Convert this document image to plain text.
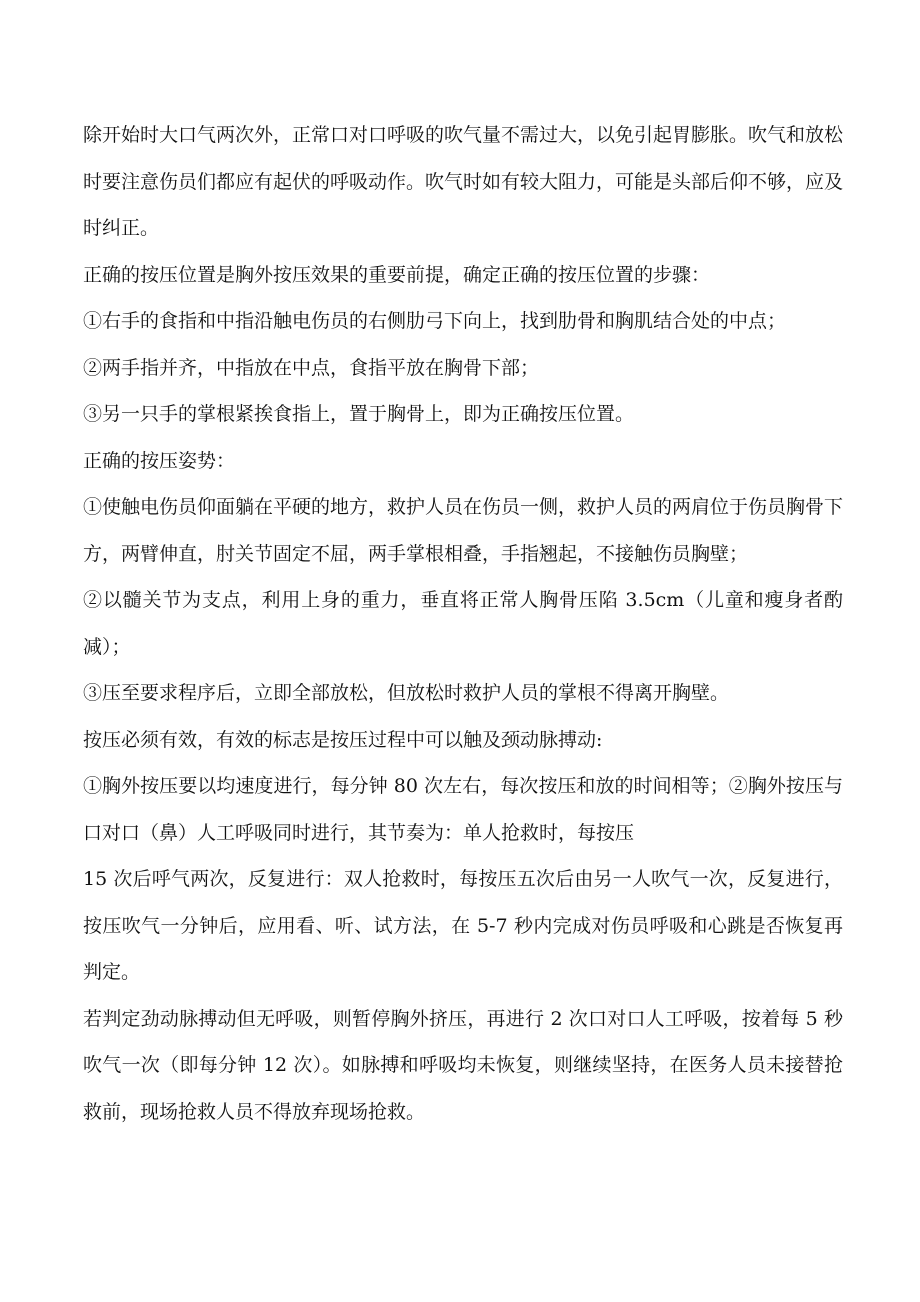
除开始时大口气两次外，正常口对口呼吸的吹气量不需过大，以免引起胃膨胀。吹气和放松时要注意伤员们都应有起伏的呼吸动作。吹气时如有较大阻力，可能是头部后仰不够，应及时纠正。

正确的按压位置是胸外按压效果的重要前提，确定正确的按压位置的步骤：

①右手的食指和中指沿触电伤员的右侧肋弓下向上，找到肋骨和胸肌结合处的中点；

②两手指并齐，中指放在中点，食指平放在胸骨下部；

③另一只手的掌根紧挨食指上，置于胸骨上，即为正确按压位置。

正确的按压姿势：

①使触电伤员仰面躺在平硬的地方，救护人员在伤员一侧，救护人员的两肩位于伤员胸骨下方，两臂伸直，肘关节固定不屈，两手掌根相叠，手指翘起，不接触伤员胸壁；

②以髓关节为支点，利用上身的重力，垂直将正常人胸骨压陷 3.5cm（儿童和瘦身者酌减）；

③压至要求程序后，立即全部放松，但放松时救护人员的掌根不得离开胸壁。

按压必须有效，有效的标志是按压过程中可以触及颈动脉搏动:

①胸外按压要以均速度进行，每分钟 80 次左右，每次按压和放的时间相等；②胸外按压与口对口（鼻）人工呼吸同时进行，其节奏为：单人抢救时，每按压

15 次后呼气两次，反复进行：双人抢救时，每按压五次后由另一人吹气一次，反复进行，按压吹气一分钟后，应用看、听、试方法，在 5-7 秒内完成对伤员呼吸和心跳是否恢复再判定。

若判定劲动脉搏动但无呼吸，则暂停胸外挤压，再进行 2 次口对口人工呼吸，按着每 5 秒吹气一次（即每分钟 12 次）。如脉搏和呼吸均未恢复，则继续坚持，在医务人员未接替抢救前，现场抢救人员不得放弃现场抢救。
